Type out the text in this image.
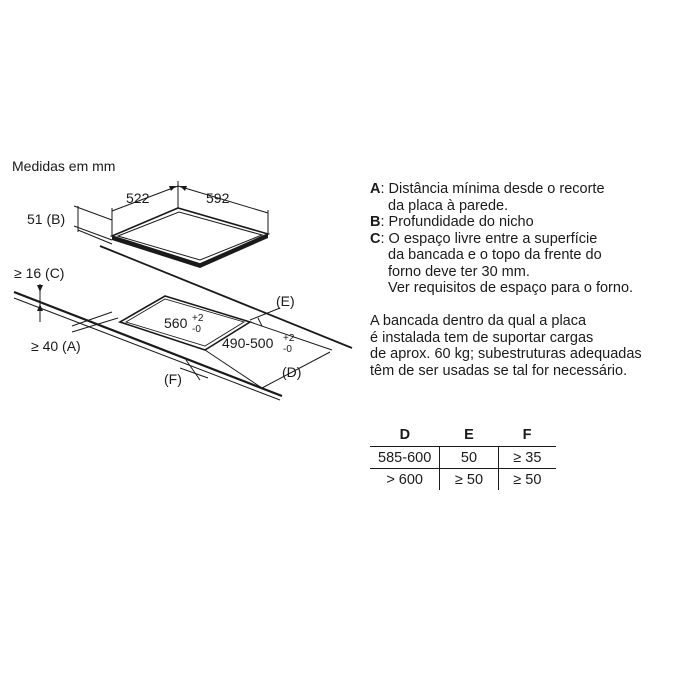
Medidas em mm
522	592
51 (B)
≥ 16 (C)
≥ 40 (A)
(E)
(D)
(F)
560 +2
-0
490-500 +2
-0
A : Distância mínima desde o recorte
da placa à parede.
B : Profundidade do nicho
C : O espaço livre entre a superfície
da bancada e o topo da frente do
forno deve ter 30 mm.
Ver requisitos de espaço para o forno.
A bancada dentro da qual a placa
é instalada tem de suportar cargas
de aprox. 60 kg; subestruturas adequadas
têm de ser usadas se tal for necessário.
D	E	F
585-600	50	≥ 35
> 600	≥ 50	≥ 50
